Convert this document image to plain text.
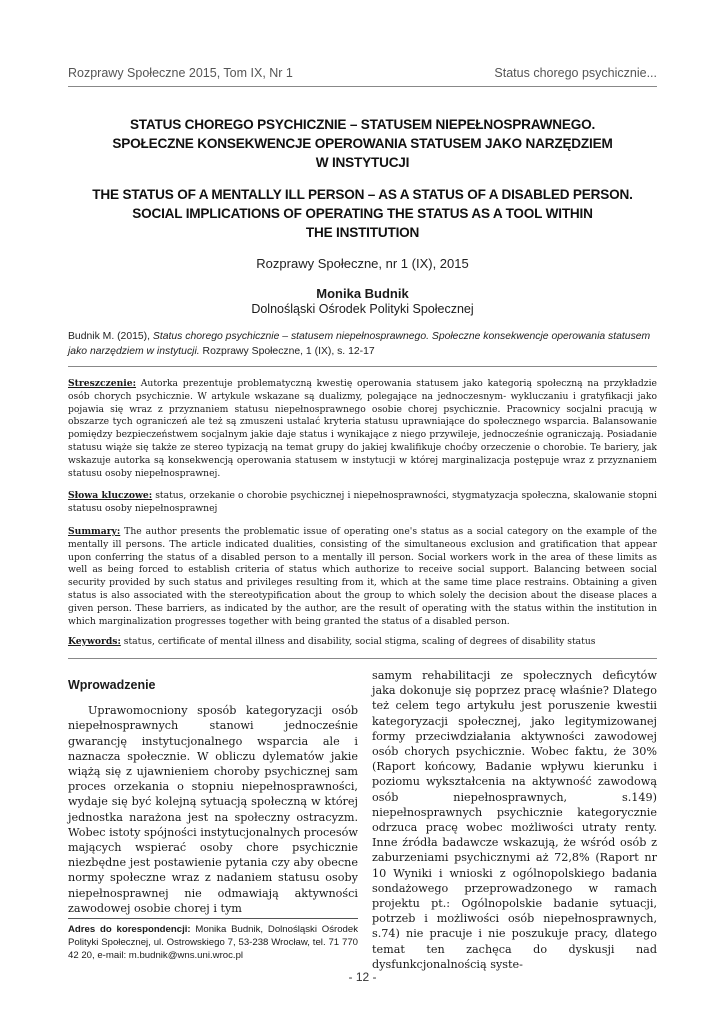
Rozprawy Społeczne 2015, Tom IX, Nr 1	Status chorego psychicznie...
STATUS CHOREGO PSYCHICZNIE – STATUSEM NIEPEŁNOSPRAWNEGO.
SPOŁECZNE KONSEKWENCJE OPEROWANIA STATUSEM JAKO NARZĘDZIEM
W INSTYTUCJI
THE STATUS OF A MENTALLY ILL PERSON – AS A STATUS OF A DISABLED PERSON.
SOCIAL IMPLICATIONS OF OPERATING THE STATUS AS A TOOL WITHIN
THE INSTITUTION
Rozprawy Społeczne, nr 1 (IX), 2015
Monika Budnik
Dolnośląski Ośrodek Polityki Społecznej
Budnik M. (2015), Status chorego psychicznie – statusem niepełnosprawnego. Społeczne konsekwencje operowania statusem jako narzędziem w instytucji. Rozprawy Społeczne, 1 (IX), s. 12-17
Streszczenie: Autorka prezentuje problematyczną kwestię operowania statusem jako kategorią społeczną na przykładzie osób chorych psychicznie. W artykule wskazane są dualizmy, polegające na jednoczesnym- wykluczaniu i gratyfikacji jako pojawia się wraz z przyznaniem statusu niepełnosprawnego osobie chorej psychicznie. Pracownicy socjalni pracują w obszarze tych ograniczeń ale też są zmuszeni ustalać kryteria statusu uprawniające do społecznego wsparcia. Balansowanie pomiędzy bezpieczeństwem socjalnym jakie daje status i wynikające z niego przywileje, jednocześnie ograniczają. Posiadanie statusu wiąże się także ze stereo typizacją na temat grupy do jakiej kwalifikuje choćby orzeczenie o chorobie. Te bariery, jak wskazuje autorka są konsekwencją operowania statusem w instytucji w której marginalizacja postępuje wraz z przyznaniem statusu osoby niepełnosprawnej.
Słowa kluczowe: status, orzekanie o chorobie psychicznej i niepełnosprawności, stygmatyzacja społeczna, skalowanie stopni statusu osoby niepełnosprawnej
Summary: The author presents the problematic issue of operating one's status as a social category on the example of the mentally ill persons. The article indicated dualities, consisting of the simultaneous exclusion and gratification that appear upon conferring the status of a disabled person to a mentally ill person. Social workers work in the area of these limits as well as being forced to establish criteria of status which authorize to receive social support. Balancing between social security provided by such status and privileges resulting from it, which at the same time place restrains. Obtaining a given status is also associated with the stereotypification about the group to which solely the decision about the disease places a given person. These barriers, as indicated by the author, are the result of operating with the status within the institution in which marginalization progresses together with being granted the status of a disabled person.
Keywords: status, certificate of mental illness and disability, social stigma, scaling of degrees of disability status
Wprowadzenie

Uprawomocniony sposób kategoryzacji osób niepełnosprawnych stanowi jednocześnie gwarancję instytucjonalnego wsparcia ale i naznacza społecznie. W obliczu dylematów jakie wiążą się z ujawnieniem choroby psychicznej sam proces orzekania o stopniu niepełnosprawności, wydaje się być kolejną sytuacją społeczną w której jednostka narażona jest na społeczny ostracyzm. Wobec istoty spójności instytucjonalnych procesów mających wspierać osoby chore psychicznie niezbędne jest postawienie pytania czy aby obecne normy społeczne wraz z nadaniem statusu osoby niepełnosprawnej nie odmawiają aktywności zawodowej osobie chorej i tym

samym rehabilitacji ze społecznych deficytów jaka dokonuje się poprzez pracę właśnie? Dlatego też celem tego artykułu jest poruszenie kwestii kategoryzacji społecznej, jako legitymizowanej formy przeciwdziałania aktywności zawodowej osób chorych psychicznie. Wobec faktu, że 30% (Raport końcowy, Badanie wpływu kierunku i poziomu wykształcenia na aktywność zawodową osób niepełnosprawnych, s.149) niepełnosprawnych psychicznie kategorycznie odrzuca pracę wobec możliwości utraty renty. Inne źródła badawcze wskazują, że wśród osób z zaburzeniami psychicznymi aż 72,8% (Raport nr 10 Wyniki i wnioski z ogólnopolskiego badania sondażowego przeprowadzonego w ramach projektu pt.: Ogólnopolskie badanie sytuacji, potrzeb i możliwości osób niepełnosprawnych, s.74) nie pracuje i nie poszukuje pracy, dlatego temat ten zachęca do dyskusji nad dysfunkcjonalnością syste-

Adres do korespondencji: Monika Budnik, Dolnośląski Ośrodek Polityki Społecznej, ul. Ostrowskiego 7, 53-238 Wrocław, tel. 71 770 42 20, e-mail: m.budnik@wns.uni.wroc.pl
- 12 -
